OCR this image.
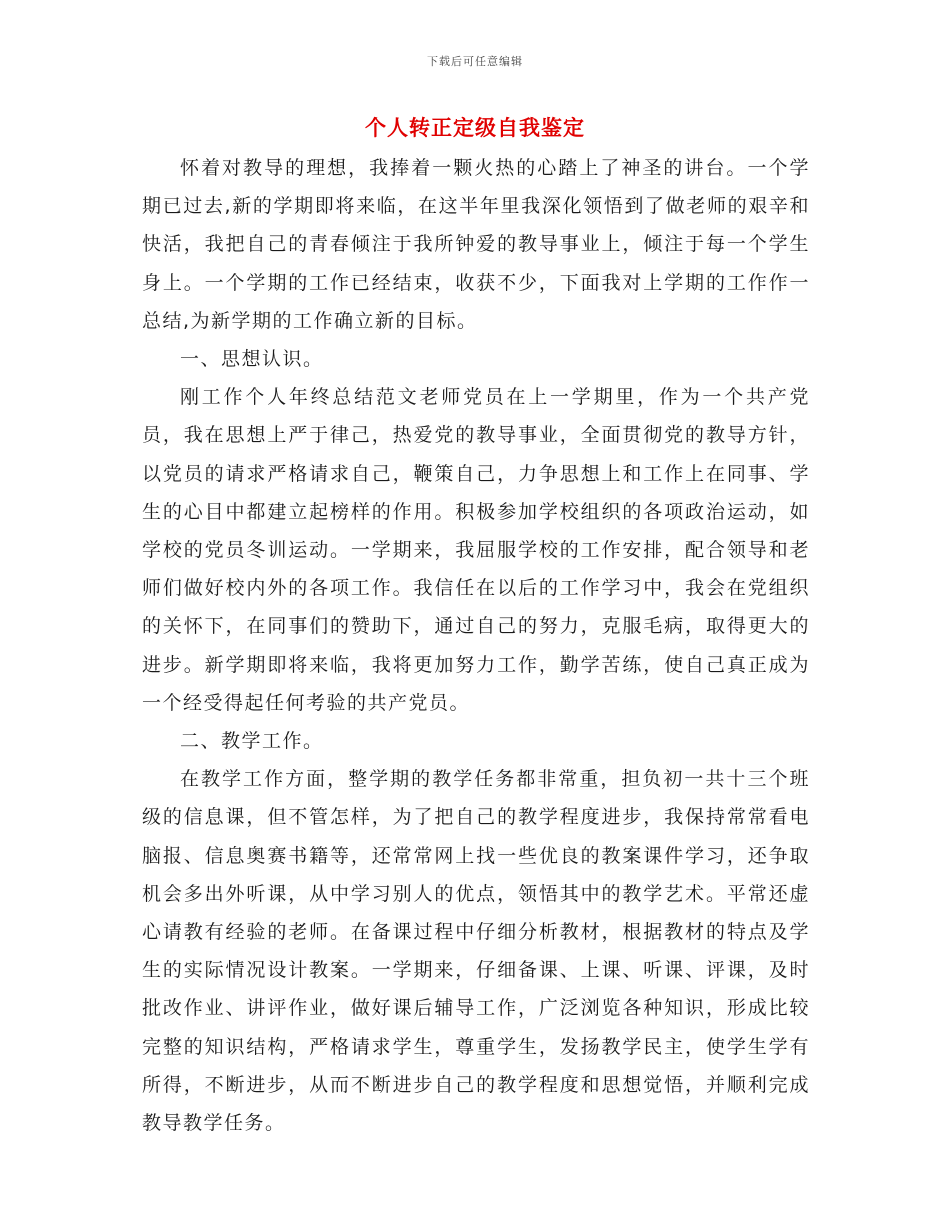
下载后可任意编辑
个人转正定级自我鉴定

怀着对教导的理想，我捧着一颗火热的心踏上了神圣的讲台。一个学期已过去,新的学期即将来临，在这半年里我深化领悟到了做老师的艰辛和快活，我把自己的青春倾注于我所钟爱的教导事业上，倾注于每一个学生身上。一个学期的工作已经结束，收获不少，下面我对上学期的工作作一总结,为新学期的工作确立新的目标。

一、思想认识。

刚工作个人年终总结范文老师党员在上一学期里，作为一个共产党员，我在思想上严于律己，热爱党的教导事业，全面贯彻党的教导方针，以党员的请求严格请求自己，鞭策自己，力争思想上和工作上在同事、学生的心目中都建立起榜样的作用。积极参加学校组织的各项政治运动，如学校的党员冬训运动。一学期来，我屈服学校的工作安排，配合领导和老师们做好校内外的各项工作。我信任在以后的工作学习中，我会在党组织的关怀下，在同事们的赞助下，通过自己的努力，克服毛病，取得更大的进步。新学期即将来临，我将更加努力工作，勤学苦练，使自己真正成为一个经受得起任何考验的共产党员。

二、教学工作。

在教学工作方面，整学期的教学任务都非常重，担负初一共十三个班级的信息课，但不管怎样，为了把自己的教学程度进步，我保持常常看电脑报、信息奥赛书籍等，还常常网上找一些优良的教案课件学习，还争取机会多出外听课，从中学习别人的优点，领悟其中的教学艺术。平常还虚心请教有经验的老师。在备课过程中仔细分析教材，根据教材的特点及学生的实际情况设计教案。一学期来，仔细备课、上课、听课、评课，及时批改作业、讲评作业，做好课后辅导工作，广泛浏览各种知识，形成比较完整的知识结构，严格请求学生，尊重学生，发扬教学民主，使学生学有所得，不断进步，从而不断进步自己的教学程度和思想觉悟，并顺利完成教导教学任务。
